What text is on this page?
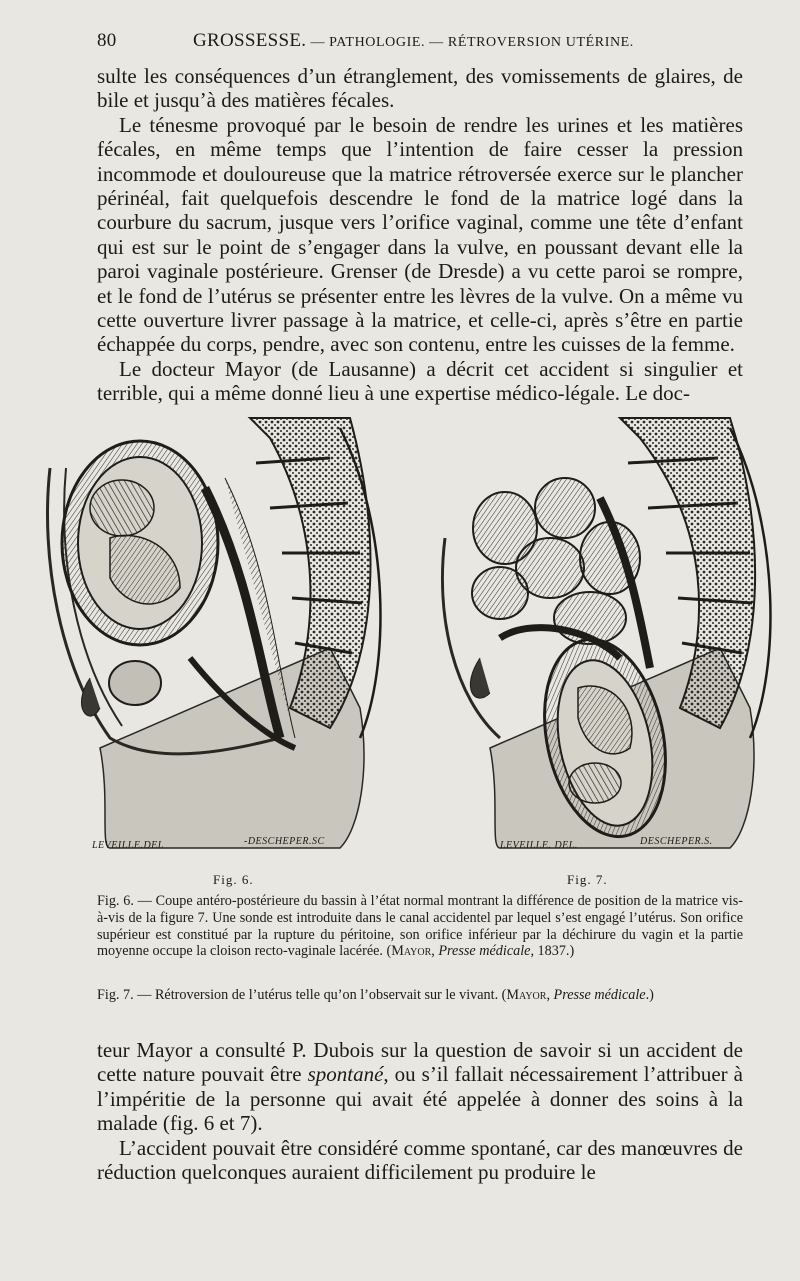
80	GROSSESSE. — PATHOLOGIE. — RÉTROVERSION UTÉRINE.

sulte les conséquences d’un étranglement, des vomissements de glaires, de bile et jusqu’à des matières fécales.

Le ténesme provoqué par le besoin de rendre les urines et les matières fécales, en même temps que l’intention de faire cesser la pression incommode et douloureuse que la matrice rétroversée exerce sur le plancher périnéal, fait quelquefois descendre le fond de la matrice logé dans la courbure du sacrum, jusque vers l’orifice vaginal, comme une tête d’enfant qui est sur le point de s’engager dans la vulve, en poussant devant elle la paroi vaginale postérieure. Grenser (de Dresde) a vu cette paroi se rompre, et le fond de l’utérus se présenter entre les lèvres de la vulve. On a même vu cette ouverture livrer passage à la matrice, et celle-ci, après s’être en partie échappée du corps, pendre, avec son contenu, entre les cuisses de la femme.

Le docteur Mayor (de Lausanne) a décrit cet accident si singulier et terrible, qui a même donné lieu à une expertise médico-légale. Le doc-

LEVEILLE.DEL	-DESCHEPER.SC	LEVEILLE. DEL.	DESCHEPER.S.
Fig. 6.	Fig. 7.
Fig. 6. — Coupe antéro-postérieure du bassin à l’état normal montrant la différence de position de la matrice vis-à-vis de la figure 7. Une sonde est introduite dans le canal accidentel par lequel s’est engagé l’utérus. Son orifice supérieur est constitué par la rupture du péritoine, son orifice inférieur par la déchirure du vagin et la partie moyenne occupe la cloison recto-vaginale lacérée. (Mayor, Presse médicale, 1837.)
Fig. 7. — Rétroversion de l’utérus telle qu’on l’observait sur le vivant. (Mayor, Presse médicale.)

teur Mayor a consulté P. Dubois sur la question de savoir si un accident de cette nature pouvait être spontané, ou s’il fallait nécessairement l’attribuer à l’impéritie de la personne qui avait été appelée à donner des soins à la malade (fig. 6 et 7).

L’accident pouvait être considéré comme spontané, car des manœuvres de réduction quelconques auraient difficilement pu produire le
